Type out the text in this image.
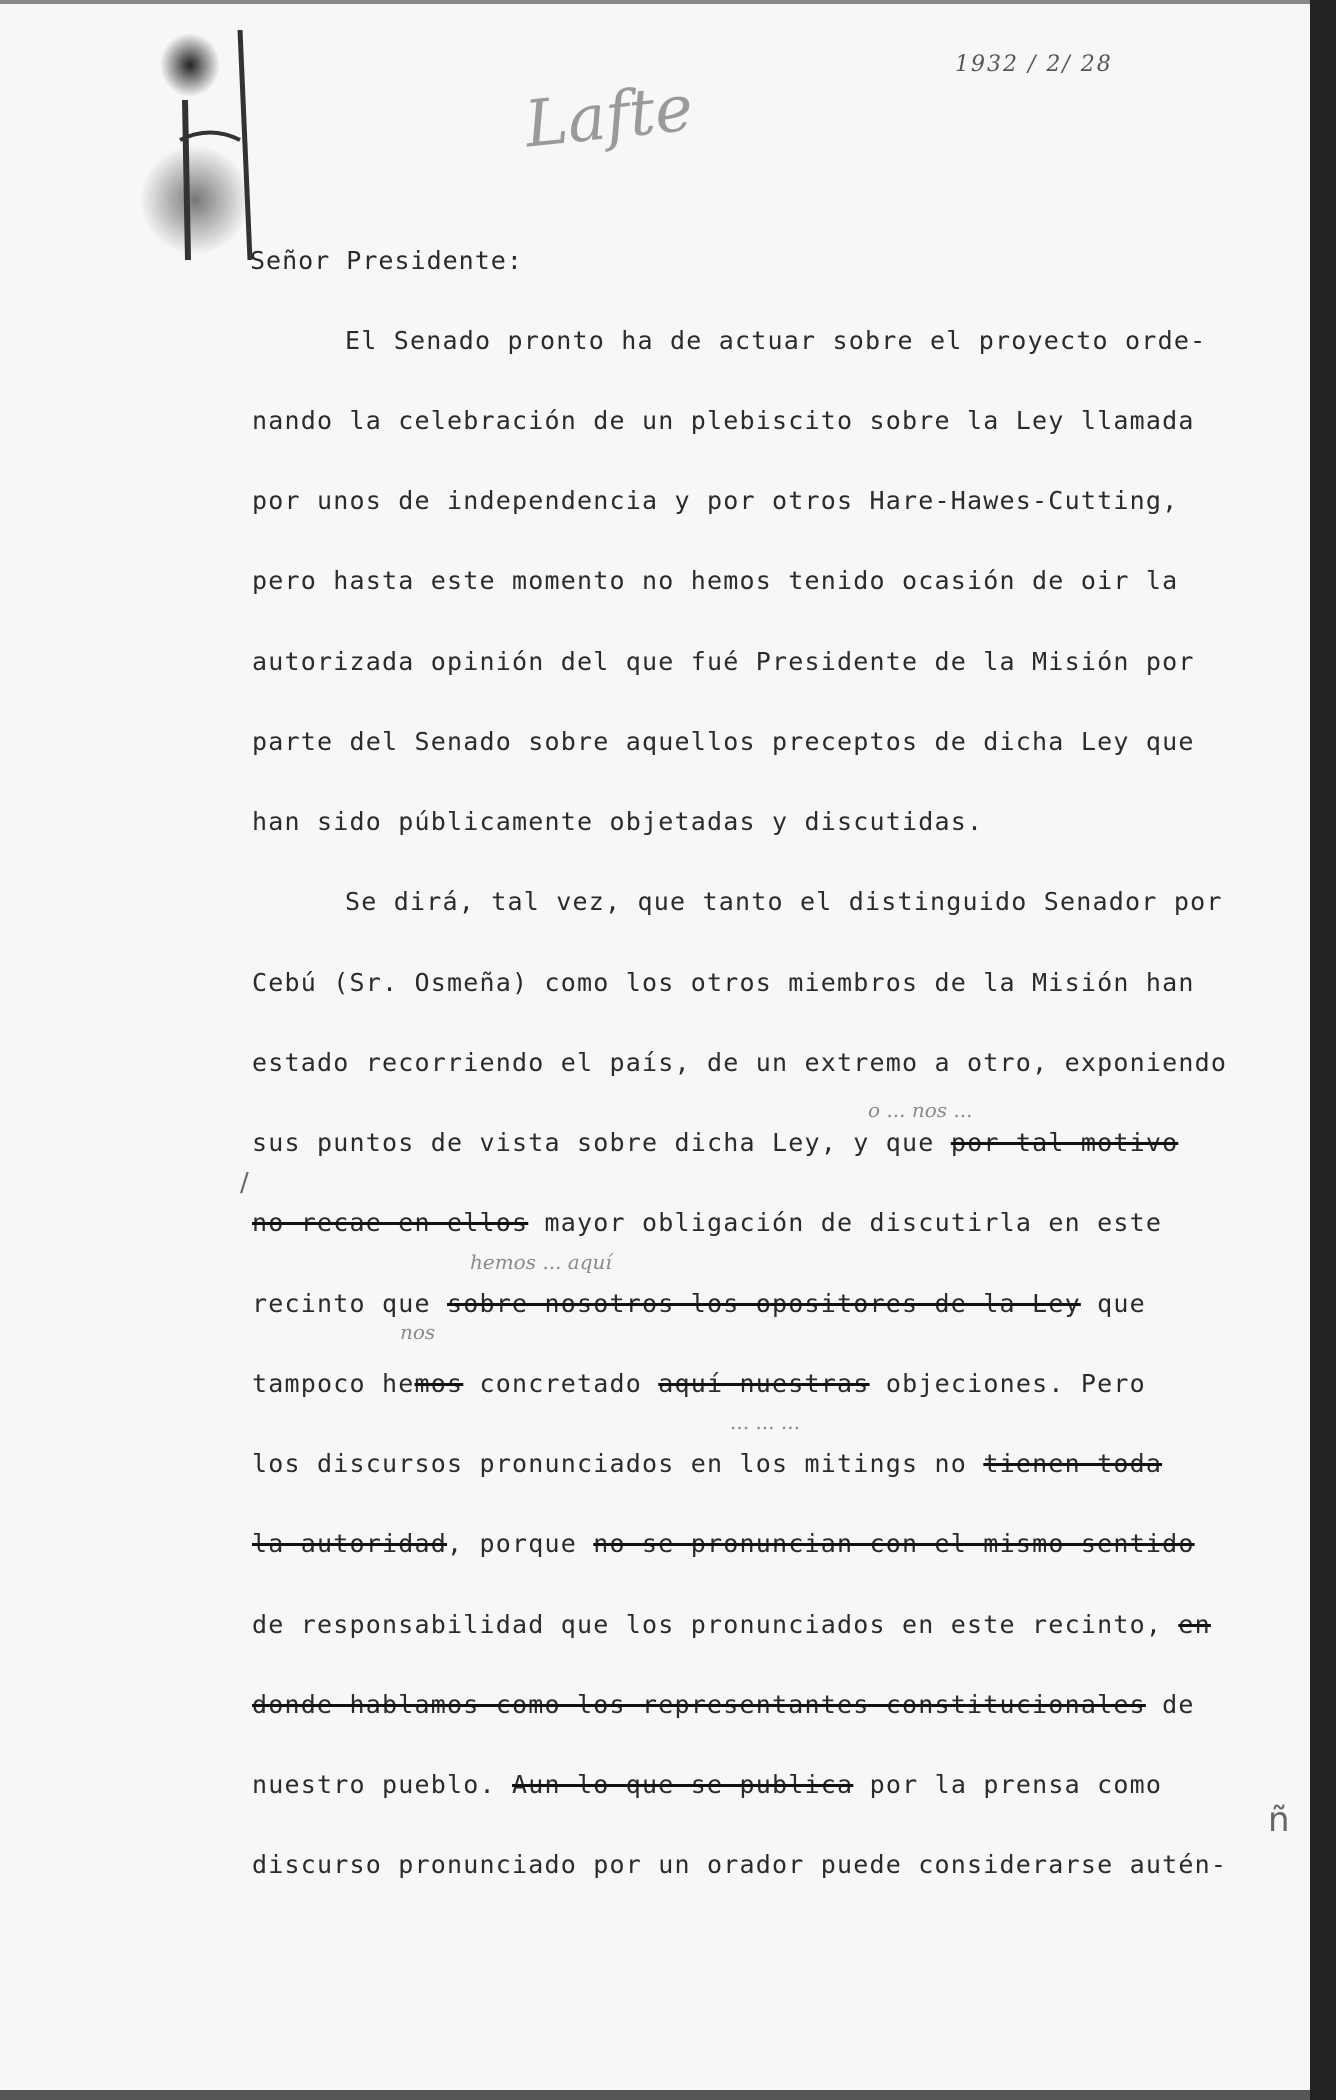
1932 / 2/ 28
Lafte
Señor Presidente:
El Senado pronto ha de actuar sobre el proyecto orde-
nando la celebración de un plebiscito sobre la Ley llamada
por unos de independencia y por otros Hare-Hawes-Cutting,
pero hasta este momento no hemos tenido ocasión de oir la
autorizada opinión del que fué Presidente de la Misión por
parte del Senado sobre aquellos preceptos de dicha Ley que
han sido públicamente objetadas y discutidas.
Se dirá, tal vez, que tanto el distinguido Senador por
Cebú (Sr. Osmeña) como los otros miembros de la Misión han
estado recorriendo el país, de un extremo a otro, exponiendo
o ... nos ...
sus puntos de vista sobre dicha Ley, y que por tal motivo
/
no recae en ellos mayor obligación de discutirla en este
hemos ... aquí
recinto que sobre nosotros los opositores de la Ley que
nos
tampoco hemos concretado aquí nuestras objeciones. Pero
... ... ...
los discursos pronunciados en los mitings no tienen toda
la autoridad, porque no se pronuncian con el mismo sentido
de responsabilidad que los pronunciados en este recinto, en
donde hablamos como los representantes constitucionales de
nuestro pueblo. Aun lo que se publica por la prensa como
discurso pronunciado por un orador puede considerarse autén-
ñ
